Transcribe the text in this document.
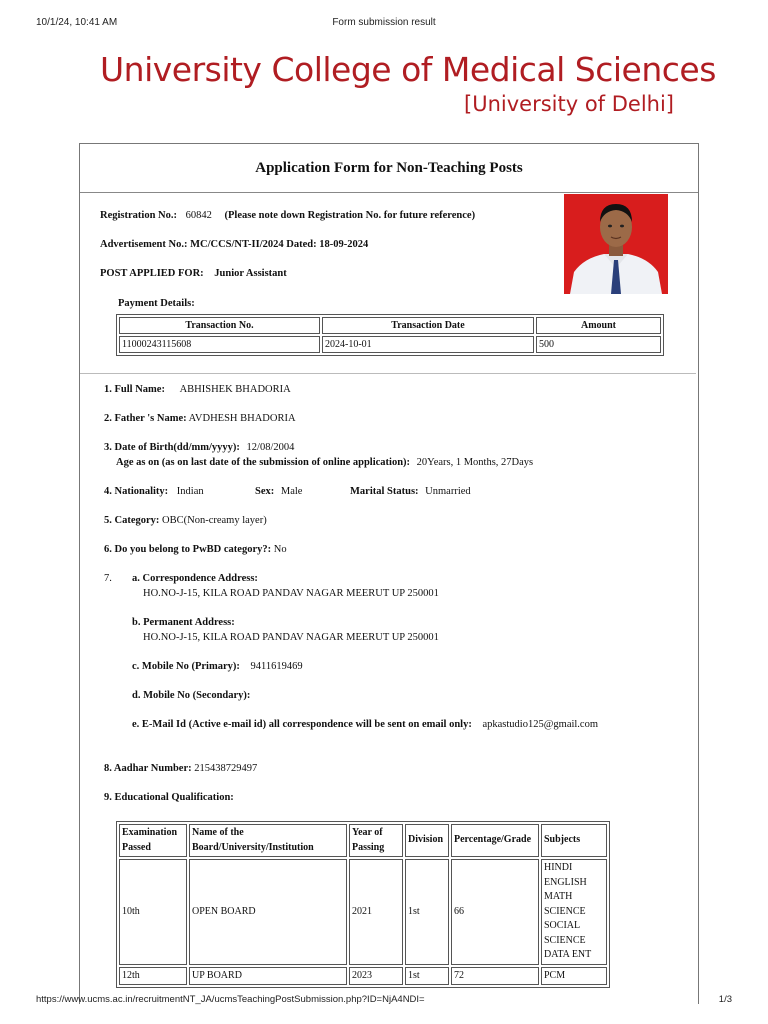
10/1/24, 10:41 AM	Form submission result
University College of Medical Sciences
[University of Delhi]
Application Form for Non-Teaching Posts
Registration No.: 60842 (Please note down Registration No. for future reference)
Advertisement No.: MC/CCS/NT-II/2024 Dated: 18-09-2024
POST APPLIED FOR: Junior Assistant
Payment Details:
Transaction No.	Transaction Date	Amount
11000243115608	2024-10-01	500
1. Full Name: ABHISHEK BHADORIA
2. Father 's Name: AVDHESH BHADORIA
3. Date of Birth(dd/mm/yyyy): 12/08/2004
Age as on (as on last date of the submission of online application): 20Years, 1 Months, 27Days
4. Nationality: Indian	Sex: Male	Marital Status: Unmarried
5. Category: OBC(Non-creamy layer)
6. Do you belong to PwBD category?: No
7. a. Correspondence Address:
HO.NO-J-15, KILA ROAD PANDAV NAGAR MEERUT UP 250001
b. Permanent Address:
HO.NO-J-15, KILA ROAD PANDAV NAGAR MEERUT UP 250001
c. Mobile No (Primary): 9411619469
d. Mobile No (Secondary):
e. E-Mail Id (Active e-mail id) all correspondence will be sent on email only: apkastudio125@gmail.com
8. Aadhar Number: 215438729497
9. Educational Qualification:
Examination Passed	Name of the Board/University/Institution	Year of Passing	Division	Percentage/Grade	Subjects
10th	OPEN BOARD	2021	1st	66	HINDI ENGLISH MATH SCIENCE SOCIAL SCIENCE DATA ENT
12th	UP BOARD	2023	1st	72	PCM
https://www.ucms.ac.in/recruitmentNT_JA/ucmsTeachingPostSubmission.php?ID=NjA4NDI=	1/3
